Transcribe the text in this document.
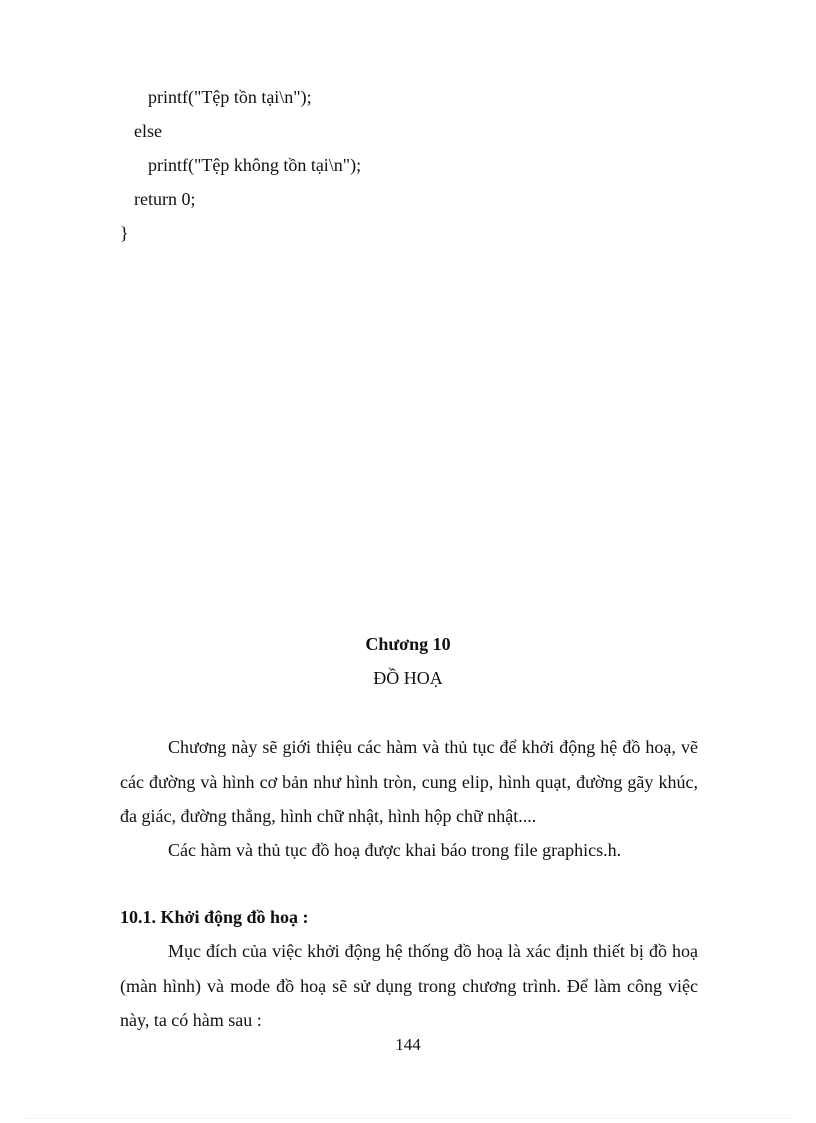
printf("Tệp tồn tại\n");
else
printf("Tệp không tồn tại\n");
return 0;
}
Chương 10
ĐỒ HOẠ

Chương này sẽ giới thiệu các hàm và thủ tục để khởi động hệ đồ hoạ, vẽ các đường và hình cơ bản như hình tròn, cung elip, hình quạt, đường gãy khúc, đa giác, đường thẳng, hình chữ nhật, hình hộp chữ nhật....

Các hàm và thủ tục đồ hoạ được khai báo trong file graphics.h.

10.1. Khởi động đồ hoạ :

Mục đích của việc khởi động hệ thống đồ hoạ là xác định thiết bị đồ hoạ (màn hình) và mode đồ hoạ sẽ sử dụng trong chương trình. Để làm công việc này, ta có hàm sau :

144
